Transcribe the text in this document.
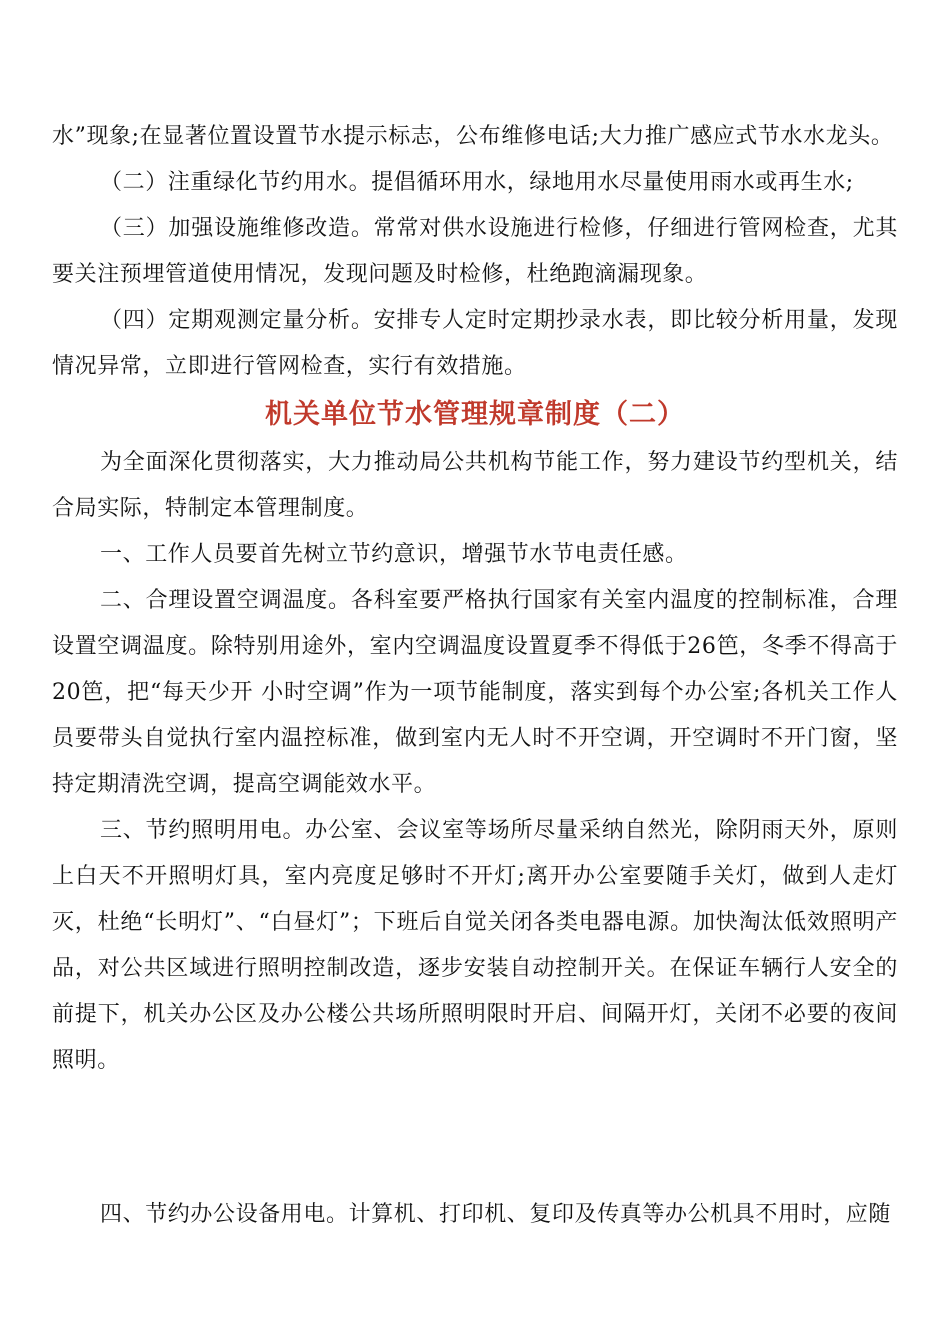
水”现象;在显著位置设置节水提示标志，公布维修电话;大力推广感应式节水水龙头。

（二）注重绿化节约用水。提倡循环用水，绿地用水尽量使用雨水或再生水;

（三）加强设施维修改造。常常对供水设施进行检修，仔细进行管网检查，尤其要关注预埋管道使用情况，发现问题及时检修，杜绝跑滴漏现象。

（四）定期观测定量分析。安排专人定时定期抄录水表，即比较分析用量，发现情况异常，立即进行管网检查，实行有效措施。

机关单位节水管理规章制度（二）

为全面深化贯彻落实，大力推动局公共机构节能工作，努力建设节约型机关，结合局实际，特制定本管理制度。

一、工作人员要首先树立节约意识，增强节水节电责任感。

二、合理设置空调温度。各科室要严格执行国家有关室内温度的控制标准，合理设置空调温度。除特别用途外，室内空调温度设置夏季不得低于26笆，冬季不得高于20笆，把“每天少开 小时空调”作为一项节能制度，落实到每个办公室;各机关工作人员要带头自觉执行室内温控标准，做到室内无人时不开空调，开空调时不开门窗，坚持定期清洗空调，提高空调能效水平。

三、节约照明用电。办公室、会议室等场所尽量采纳自然光，除阴雨天外，原则上白天不开照明灯具，室内亮度足够时不开灯;离开办公室要随手关灯，做到人走灯灭，杜绝“长明灯”、“白昼灯”；下班后自觉关闭各类电器电源。加快淘汰低效照明产品，对公共区域进行照明控制改造，逐步安装自动控制开关。在保证车辆行人安全的前提下，机关办公区及办公楼公共场所照明限时开启、间隔开灯，关闭不必要的夜间照明。

四、节约办公设备用电。计算机、打印机、复印及传真等办公机具不用时，应随
